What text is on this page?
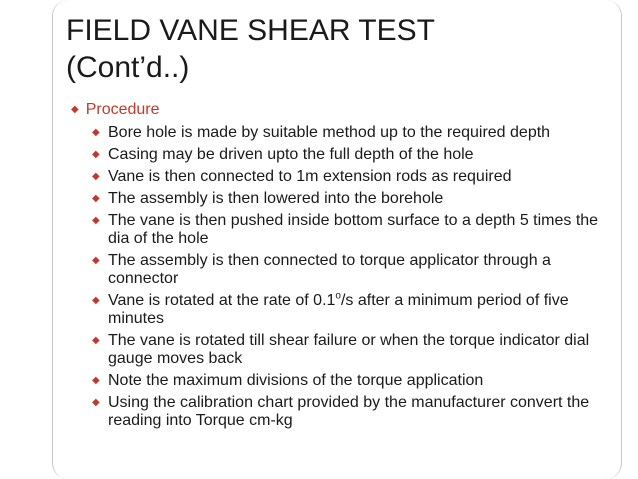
FIELD VANE SHEAR TEST
(Cont’d..)
◆ Procedure
◆ Bore hole is made by suitable method up to the required depth
◆ Casing may be driven upto the full depth of the hole
◆ Vane is then connected to 1m extension rods as required
◆ The assembly is then lowered into the borehole
◆ The vane is then pushed inside bottom surface to a depth 5 times the dia of the hole
◆ The assembly is then connected to torque applicator through a connector
◆ Vane is rotated at the rate of 0.1$^o$/s after a minimum period of five minutes
◆ The vane is rotated till shear failure or when the torque indicator dial gauge moves back
◆ Note the maximum divisions of the torque application
◆ Using the calibration chart provided by the manufacturer convert the reading into Torque cm-kg
